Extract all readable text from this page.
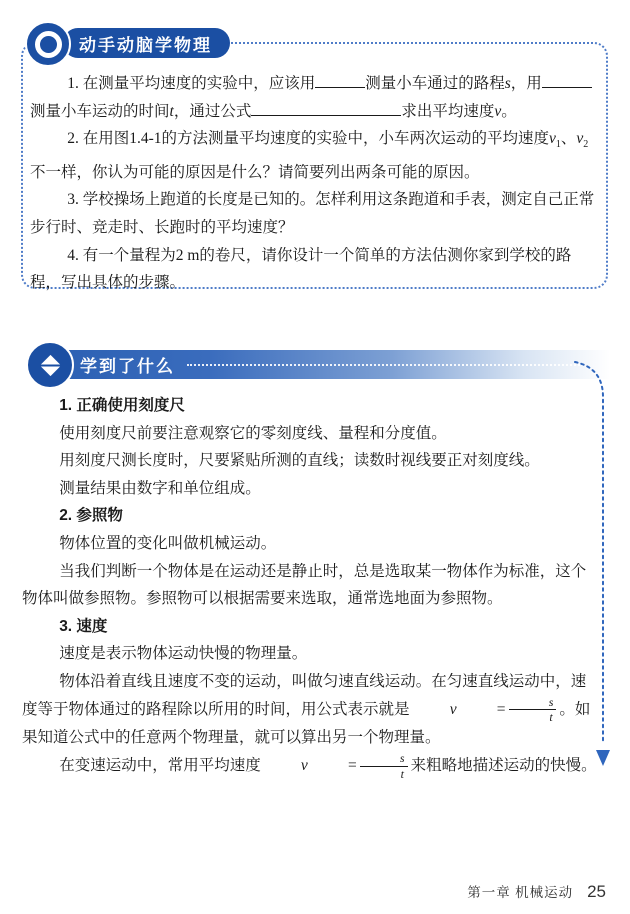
动手动脑学物理

1. 在测量平均速度的实验中，应该用	测量小车通过的路程s，用测量小车运动的时间t，通过公式	求出平均速度v。

2. 在用图1.4-1的方法测量平均速度的实验中，小车两次运动的平均速度$v_1$、$v_2$不一样，你认为可能的原因是什么？请简要列出两条可能的原因。

3. 学校操场上跑道的长度是已知的。怎样利用这条跑道和手表，测定自己正常步行时、竞走时、长跑时的平均速度？

4. 有一个量程为2 m的卷尺，请你设计一个简单的方法估测你家到学校的路程，写出具体的步骤。

学到了什么

1. 正确使用刻度尺

使用刻度尺前要注意观察它的零刻度线、量程和分度值。

用刻度尺测长度时，尺要紧贴所测的直线；读数时视线要正对刻度线。

测量结果由数字和单位组成。

2. 参照物

物体位置的变化叫做机械运动。

当我们判断一个物体是在运动还是静止时，总是选取某一物体作为标准，这个物体叫做参照物。参照物可以根据需要来选取，通常选地面为参照物。

3. 速度

速度是表示物体运动快慢的物理量。

物体沿着直线且速度不变的运动，叫做匀速直线运动。在匀速直线运动中，速度等于物体通过的路程除以所用的时间，用公式表示就是	v	= $\frac{s}{t}$ 。如果知道公式中的任意两个物理量，就可以算出另一个物理量。

在变速运动中，常用平均速度	v	= $\frac{s}{t}$ 来粗略地描述运动的快慢。

第一章 机械运动 25
